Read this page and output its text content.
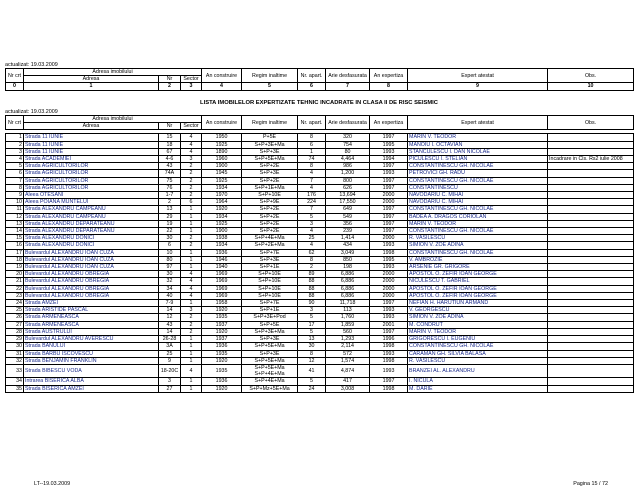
actualizat: 19.03.2009
Nr crt	Adresa imobilului			An construire	Regim inaltime	Nr. apart.	Arie desfasurata	An expertiza	Expert atestat	Obs.
	Adresa	Nr	Sector							
0	1	2	3	4	5	6	7	8	9	10
LISTA IMOBILELOR EXPERTIZATE TEHNIC INCADRATE IN CLASA II DE RISC SEISMIC
actualizat: 19.03.2009
Nr crt	Adresa imobilului			An construire	Regim inaltime	Nr. apart.	Arie desfasurata	An expertiza	Expert atestat	Obs.
	Adresa	Nr	Sector							

1	Strada 11 IUNIE	15	4	1950	P+5E	8	320	1997	MARIN V. TEODOR	
2	Strada 11 IUNIE	18	4	1925	S+P+3E+Ma	6	754	1995	MANOIU I. OCTAVIAN	
3	Strada 11 IUNIE	67	4	1890	S+P+3E	1	80	1993	STANCULESCU I. DAN NICOLAE	
4	Strada ACADEMIEI	4-6	3	1960	S+P+5E+Ma	74	4,464	1994	PICULESCU I. STELIAN	Incadrare in Cls. Rs2 iulie 2008
5	Strada AGRICULTORILOR	43	2	1900	S+P+2E	8	986	1997	CONSTANTINESCU GH. NICOLAE	
6	Strada AGRICULTORILOR	74A	2	1945	S+P+3E	4	1,200	1993	PETROVICI GH. RADU	
7	Strada AGRICULTORILOR	75	2	1925	S+P+2E	7	800	1997	CONSTANTINESCU GH. NICOLAE	
8	Strada AGRICULTORILOR	76	2	1934	S+P+1E+Ma	4	626	1997	CONSTANTINESCU	
9	Aleea OTESANI	1-7	2	1970	S+P+10E	176	13,694	2000	NAVODARIU C. MIHAI	
10	Aleea POIANA MUNTELUI	2	6	1964	S+P+9E	224	17,550	2000	NAVODARIU C. MIHAI	
11	Strada ALEXANDRU CAMPEANU	13	1	1920	S+P+2E	7	649	1997	CONSTANTINESCU GH. NICOLAE	
12	Strada ALEXANDRU CAMPEANU	29	1	1934	S+P+2E	5	549	1997	BADEA A. DRAGOS CORIOLAN	
13	Strada ALEXANDRU DEPARATEANU	19	1	1925	S+P+2E	3	356	1997	MARIN V. TEODOR	
14	Strada ALEXANDRU DEPARATEANU	22	1	1900	S+P+2E	4	239	1997	CONSTANTINESCU GH. NICOLAE	
15	Strada ALEXANDRU DONICI	30	2	1938	S+P+4E+Ma	25	1,414	2000	R. VASILESCU	
16	Strada ALEXANDRU DONICI	6	2	1934	S+P+2E+Ma	4	434	1993	SIMION V. ZOE ADINA	
17	Bulevardul ALEXANDRU IOAN CUZA	10	1	1936	S+P+7E	62	3,049	1998	CONSTANTINESCU GH. NICOLAE	
18	Bulevardul ALEXANDRU IOAN CUZA	80	1	1946	S+P+3E	8	850	1995	V. AMBROZIE	
19	Bulevardul ALEXANDRU IOAN CUZA	97	1	1940	S+P+1E	2	198	1993	ARSENIE GR. GRIGORE	
20	Bulevardul ALEXANDRU OBREGIA	30	4	1969	S+P+10E	89	6,886	2000	APOSTOL O. ZEFIR IOAN GEORGE	
21	Bulevardul ALEXANDRU OBREGIA	32	4	1969	S+P+10E	88	6,886	2000	NICULESCU T. GABRIEL	
22	Bulevardul ALEXANDRU OBREGIA	34	4	1969	S+P+10E	88	6,886	2000	APOSTOL O. ZEFIR IOAN GEORGE	
23	Bulevardul ALEXANDRU OBREGIA	40	4	1969	S+P+10E	88	6,886	2000	APOSTOL O. ZEFIR IOAN GEORGE	
24	Strada AMZEI	7-9	1	1958	S+P+7E	90	11,718	1997	NEFIAN H. HARUTIUN ARMAND	
25	Strada ARISTIDE PASCAL	14	3	1920	S+P+1E	3	113	1993	V. GEORGESCU	
26	Strada ARMENEASCA	12	2	1935	S+P+3E+Pod	5	1,760	1993	SIMION V. ZOE ADINA	
27	Strada ARMENEASCA	43	2	1937	S+P+5E	17	1,859	2001	M. CONDRUT	
28	Strada AUSTRULUI	14	2	1920	S+P+3E+Ma	5	560	1997	MARIN V. TEODOR	
29	Bulevardul ALEXANDRU AVERESCU	26-28	1	1937	S+P+3E	13	1,293	1996	GRIGORESCU I. EUGENIU	
30	Strada BANULUI	3A	1	1936	S+P+5E+Ma	30	2,114	1998	CONSTANTINESCU GH. NICOLAE	
31	Strada BARBU ISCOVESCU	25	1	1935	S+P+3E	8	572	1993	CARAMAN GH. SILVIA BALASA	
32	Strada BENJAMIN FRANKLIN	9	1	1920	S+P+5E+Ma	12	1,574	1998	R. VASILESCU	
33	Strada BIBESCU VODA	18-20C	4	1935	S+P+5E+Ma S+P+4E+Ma	41	4,874	1993	BRANZEI AL. ALEXANDRU	
34	Intrarea BISERICA ALBA	3	1	1936	S+P+4E+Ma	5	417	1997	I. NICULA	
35	Strada BISERICA AMZEI	27	1	1920	S+P+Mz+5E+Ma	24	3,008	1998	M. DARIE	
LT--19.03.2009	Pagina 15 / 72
